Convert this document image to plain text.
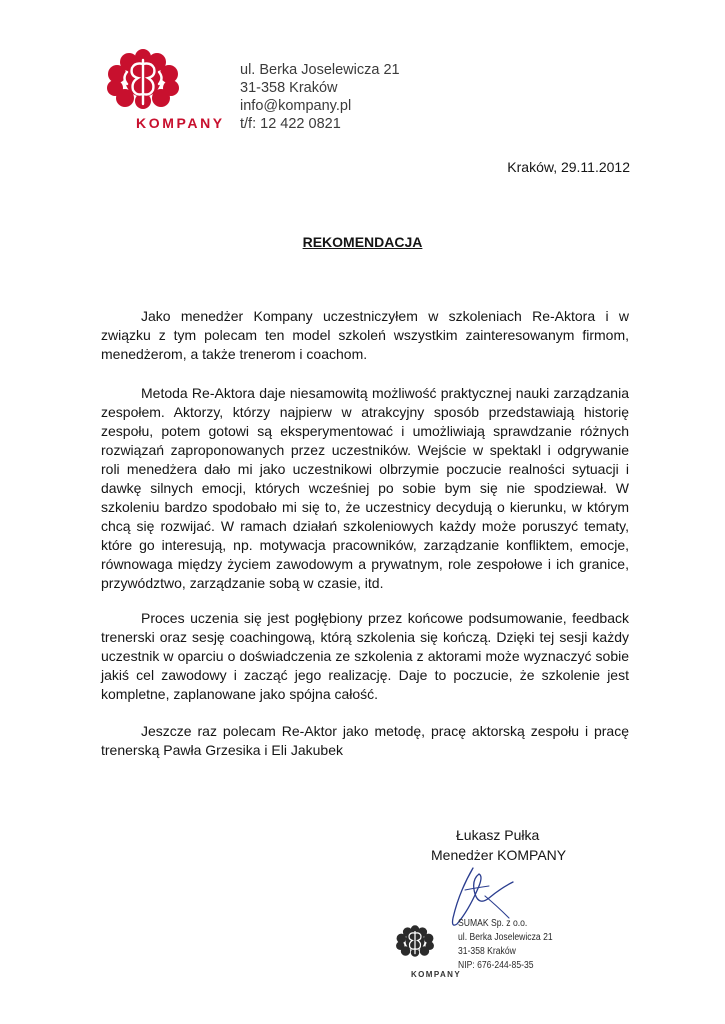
KOMPANY
ul. Berka Joselewicza 21
31-358 Kraków
info@kompany.pl
t/f: 12 422 0821
Kraków, 29.11.2012
REKOMENDACJA

Jako menedżer Kompany uczestniczyłem w szkoleniach Re-Aktora i w związku z tym polecam ten model szkoleń wszystkim zainteresowanym firmom, menedżerom, a także trenerom i coachom.

Metoda Re-Aktora daje niesamowitą możliwość praktycznej nauki zarządzania zespołem. Aktorzy, którzy najpierw w atrakcyjny sposób przedstawiają historię zespołu, potem gotowi są eksperymentować i umożliwiają sprawdzanie różnych rozwiązań zaproponowanych przez uczestników. Wejście w spektakl i odgrywanie roli menedżera dało mi jako uczestnikowi olbrzymie poczucie realności sytuacji i dawkę silnych emocji, których wcześniej po sobie bym się nie spodziewał. W szkoleniu bardzo spodobało mi się to, że uczestnicy decydują o kierunku, w którym chcą się rozwijać. W ramach działań szkoleniowych każdy może poruszyć tematy, które go interesują, np. motywacja pracowników, zarządzanie konfliktem, emocje, równowaga między życiem zawodowym a prywatnym, role zespołowe i ich granice, przywództwo, zarządzanie sobą w czasie, itd.

Proces uczenia się jest pogłębiony przez końcowe podsumowanie, feedback trenerski oraz sesję coachingową, którą szkolenia się kończą. Dzięki tej sesji każdy uczestnik w oparciu o doświadczenia ze szkolenia z aktorami może wyznaczyć sobie jakiś cel zawodowy i zacząć jego realizację. Daje to poczucie, że szkolenie jest kompletne, zaplanowane jako spójna całość.

Jeszcze raz polecam Re-Aktor jako metodę, pracę aktorską zespołu i pracę trenerską Pawła Grzesika i Eli Jakubek

Łukasz Pułka
Menedżer KOMPANY
KOMPANY
SUMAK Sp. z o.o.
ul. Berka Joselewicza 21
31-358 Kraków
NIP: 676-244-85-35
